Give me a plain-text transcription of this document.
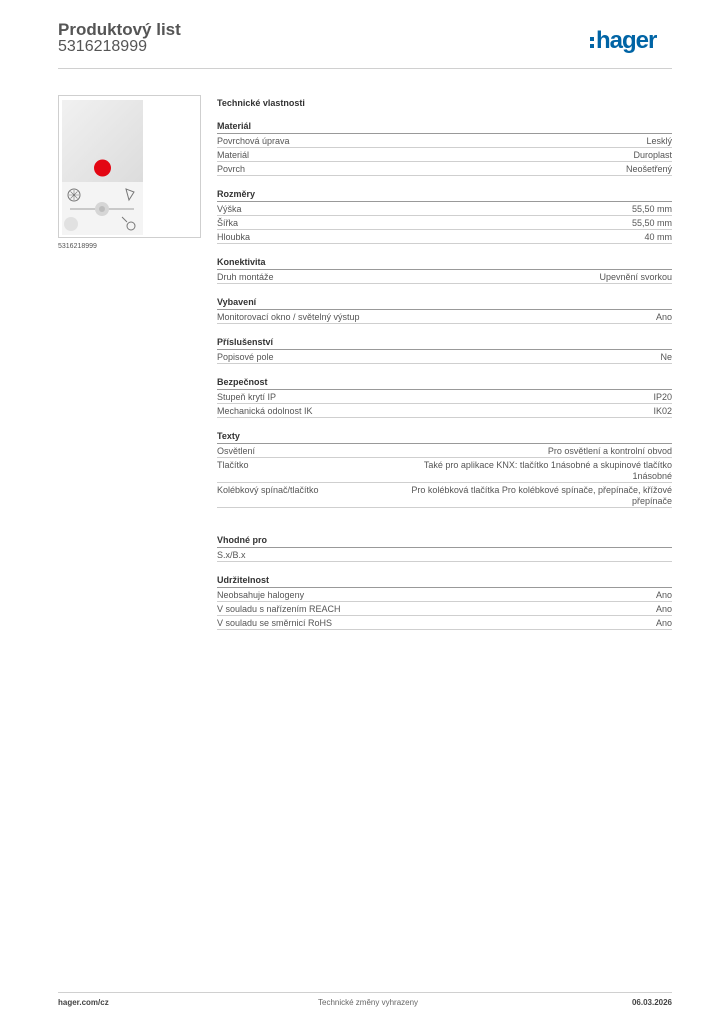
Produktový list
5316218999	hager
5316218999
Technické vlastnosti
Materiál
Povrchová úprava	Lesklý
Materiál	Duroplast
Povrch	Neošetřený
Rozměry
Výška	55,50 mm
Šířka	55,50 mm
Hloubka	40 mm
Konektivita
Druh montáže	Upevnění svorkou
Vybavení
Monitorovací okno / světelný výstup	Ano
Příslušenství
Popisové pole	Ne
Bezpečnost
Stupeň krytí IP	IP20
Mechanická odolnost IK	IK02
Texty
Osvětlení	Pro osvětlení a kontrolní obvod
Tlačítko	Také pro aplikace KNX: tlačítko 1násobné a skupinové tlačítko 1násobné
Kolébkový spínač/tlačítko	Pro kolébková tlačítka Pro kolébkové spínače, přepínače, křížové přepínače
Vhodné pro
S.x/B.x
Udržitelnost
Neobsahuje halogeny	Ano
V souladu s nařízením REACH	Ano
V souladu se směrnicí RoHS	Ano
hager.com/cz	Technické změny vyhrazeny	06.03.2026
